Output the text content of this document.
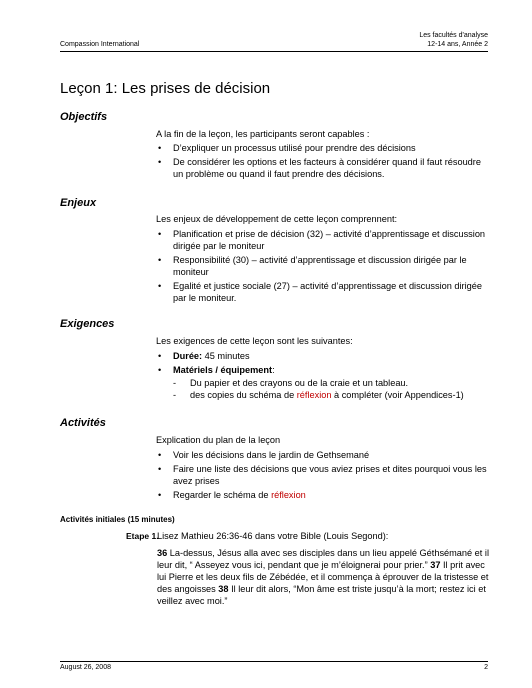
Compassion International
Les facultés d'analyse
12-14 ans, Année 2
Leçon 1: Les prises de décision
Objectifs
A la fin de la leçon, les participants seront capables :
• D’expliquer un processus utilisé pour prendre des décisions
• De considérer les options et les facteurs à considérer quand il faut résoudre un problème ou quand il faut prendre des décisions.
Enjeux
Les enjeux de développement de cette leçon comprennent:
• Planification et prise de décision (32) – activité d’apprentissage et discussion dirigée par le moniteur
• Responsibilité (30) – activité d’apprentissage et discussion dirigée par le moniteur
• Egalité et justice sociale (27) – activité d’apprentissage et discussion dirigée par le moniteur.
Exigences
Les exigences de cette leçon sont les suivantes:
• Durée: 45 minutes
• Matériels / équipement:
- Du papier et des crayons ou de la craie et un tableau.
- des copies du schéma de réflexion à compléter (voir Appendices-1)
Activités
Explication du plan de la leçon
• Voir les décisions dans le jardin de Gethsemané
• Faire une liste des décisions que vous aviez prises et dites pourquoi vous les avez prises
• Regarder le schéma de réflexion
Activités initiales (15 minutes)
Etape 1.
Lisez Mathieu 26:36-46 dans votre Bible (Louis Segond):
36 La-dessus, Jésus alla avec ses disciples dans un lieu appelé Géthsémané et il leur dit, “ Asseyez vous ici, pendant que je m’éloignerai pour prier.” 37 Il prit avec lui Pierre et les deux fils de Zébédée, et il commença à éprouver de la tristesse et des angoisses 38 Il leur dit alors, “Mon âme est triste jusqu’à la mort; restez ici et veillez avec moi.”
August 26, 2008	2
